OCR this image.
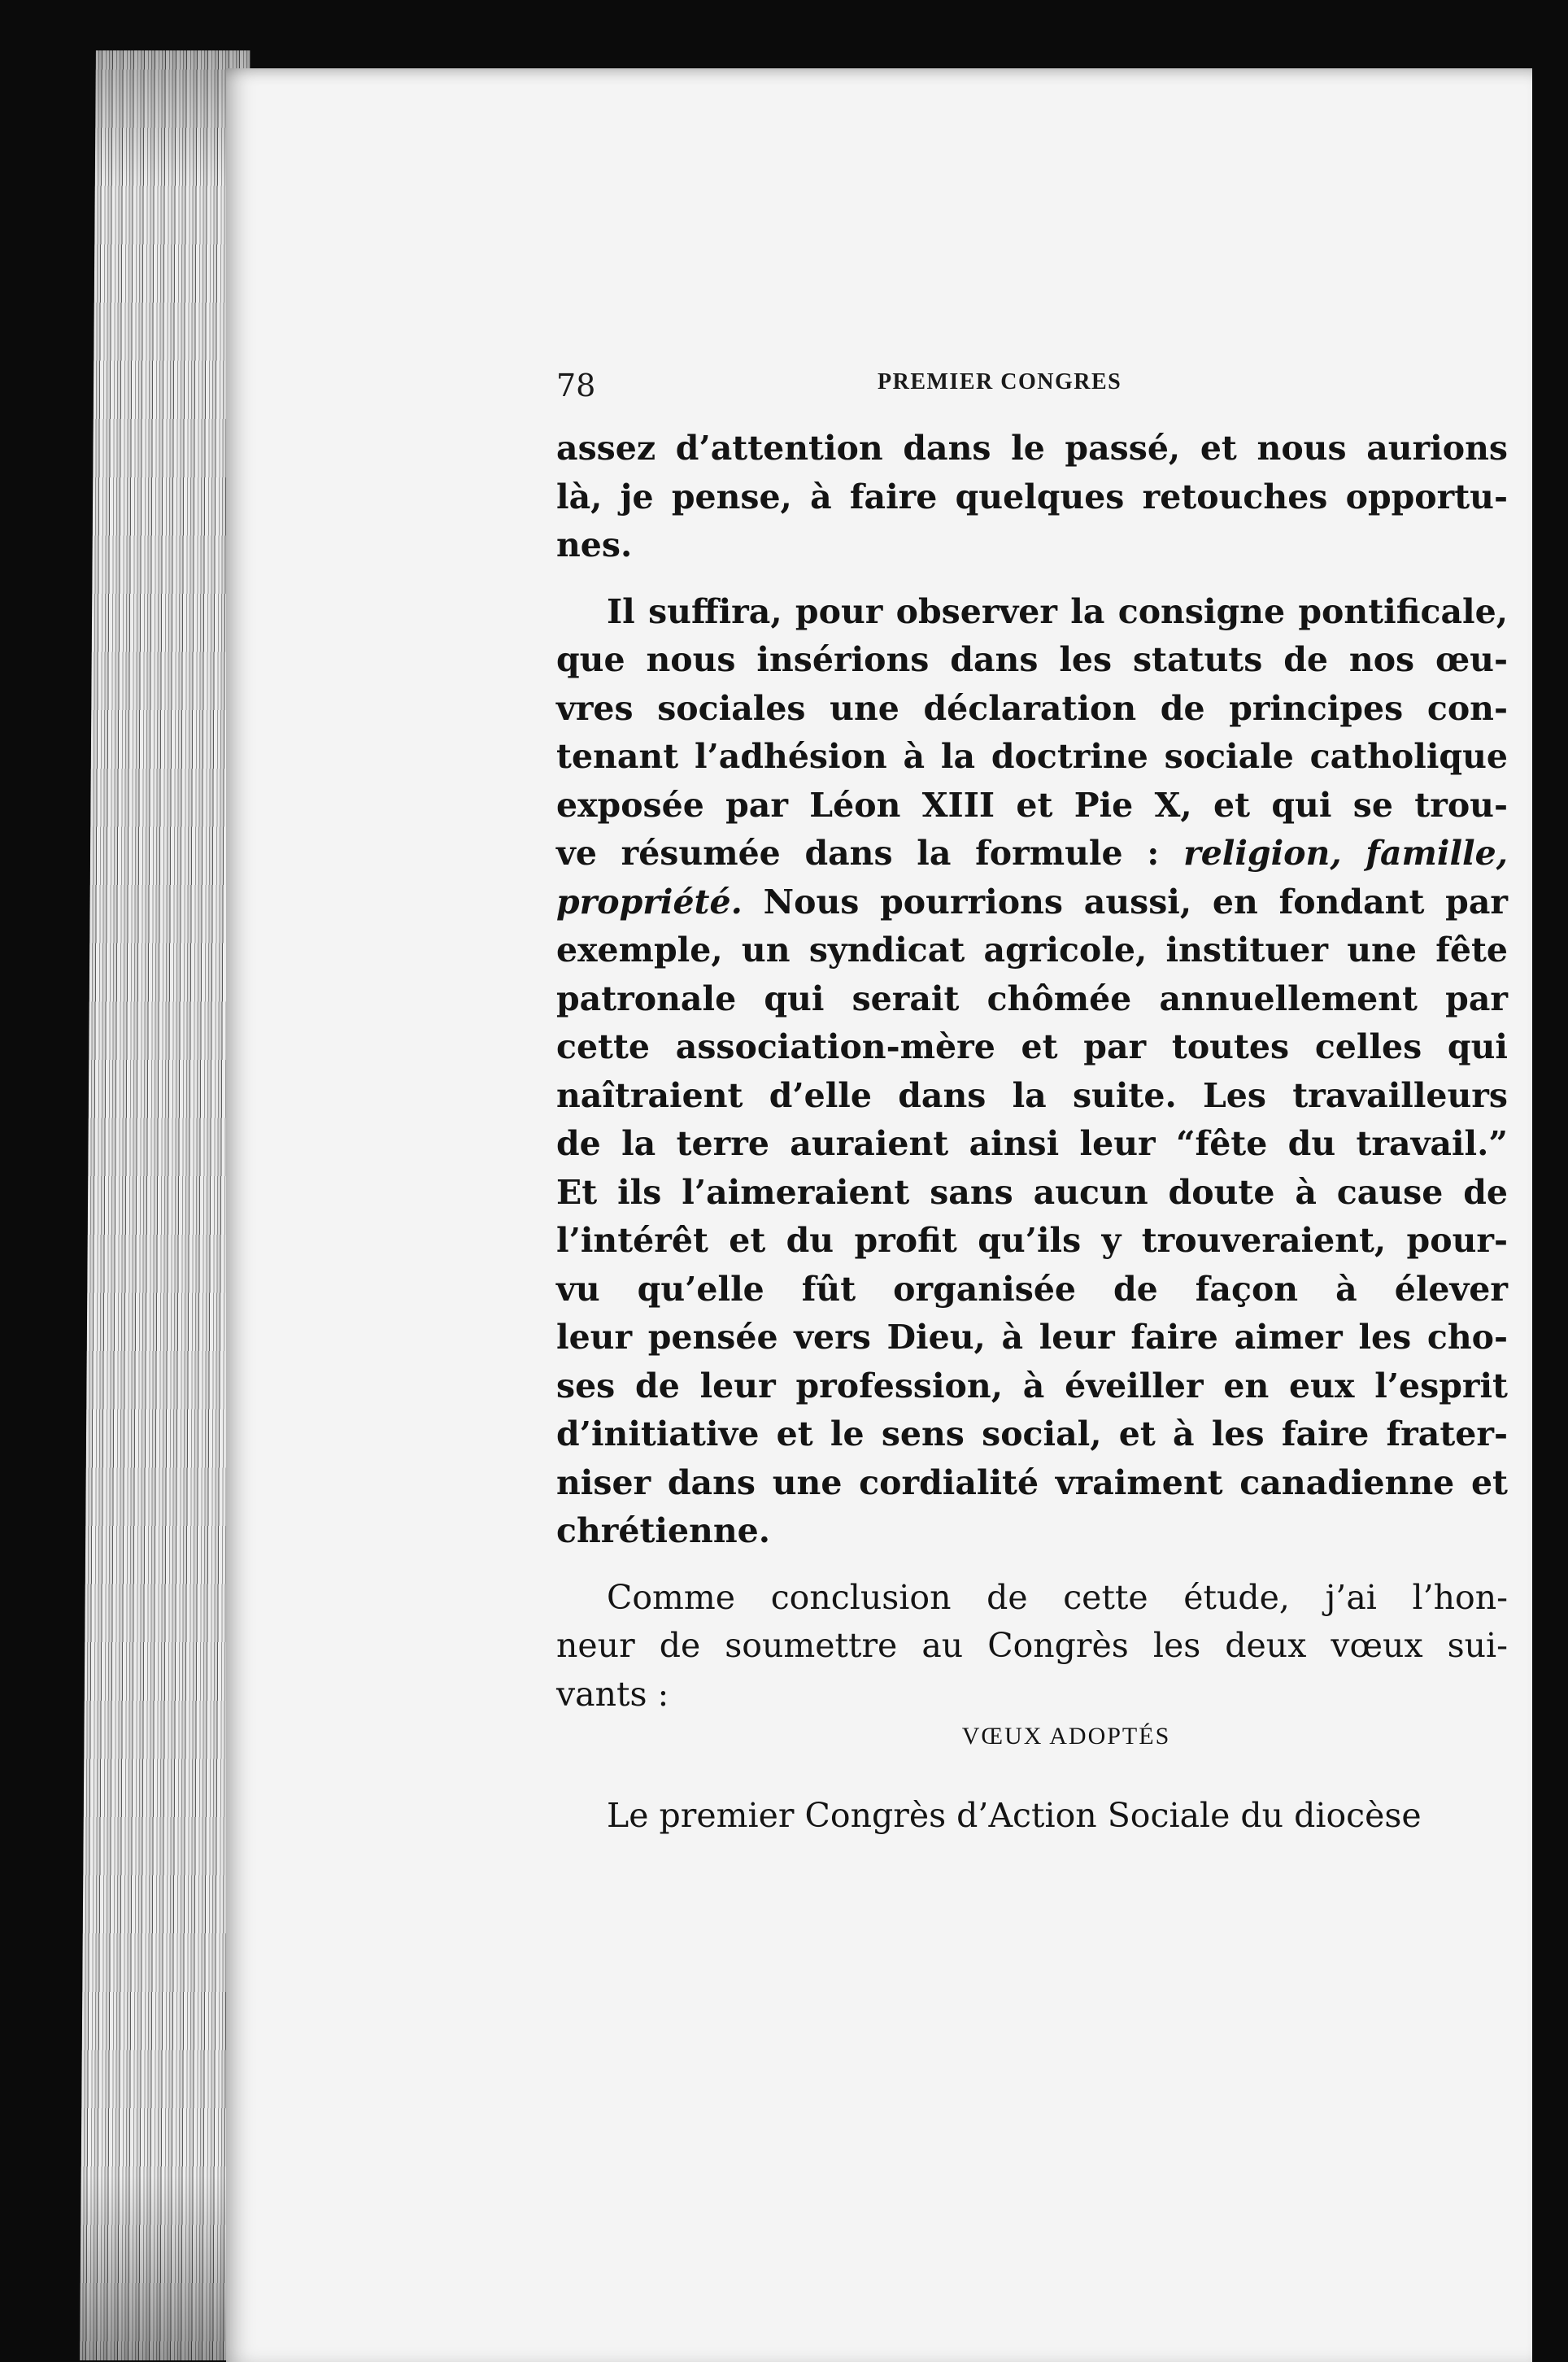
78	PREMIER CONGRES
assez d’attention dans le passé, et nous aurions
là, je pense, à faire quelques retouches opportu-
nes.
Il suffira, pour observer la consigne pontificale,
que nous insérions dans les statuts de nos œu-
vres sociales une déclaration de principes con-
tenant l’adhésion à la doctrine sociale catholique
exposée par Léon XIII et Pie X, et qui se trou-
ve résumée dans la formule : religion, famille,
propriété. Nous pourrions aussi, en fondant par
exemple, un syndicat agricole, instituer une fête
patronale qui serait chômée annuellement par
cette association-mère et par toutes celles qui
naîtraient d’elle dans la suite. Les travailleurs
de la terre auraient ainsi leur “fête du travail.”
Et ils l’aimeraient sans aucun doute à cause de
l’intérêt et du profit qu’ils y trouveraient, pour-
vu qu’elle fût organisée de façon à élever
leur pensée vers Dieu, à leur faire aimer les cho-
ses de leur profession, à éveiller en eux l’esprit
d’initiative et le sens social, et à les faire frater-
niser dans une cordialité vraiment canadienne et
chrétienne.
Comme conclusion de cette étude, j’ai l’hon-
neur de soumettre au Congrès les deux vœux sui-
vants :
VŒUX ADOPTÉS
Le premier Congrès d’Action Sociale du diocèse
